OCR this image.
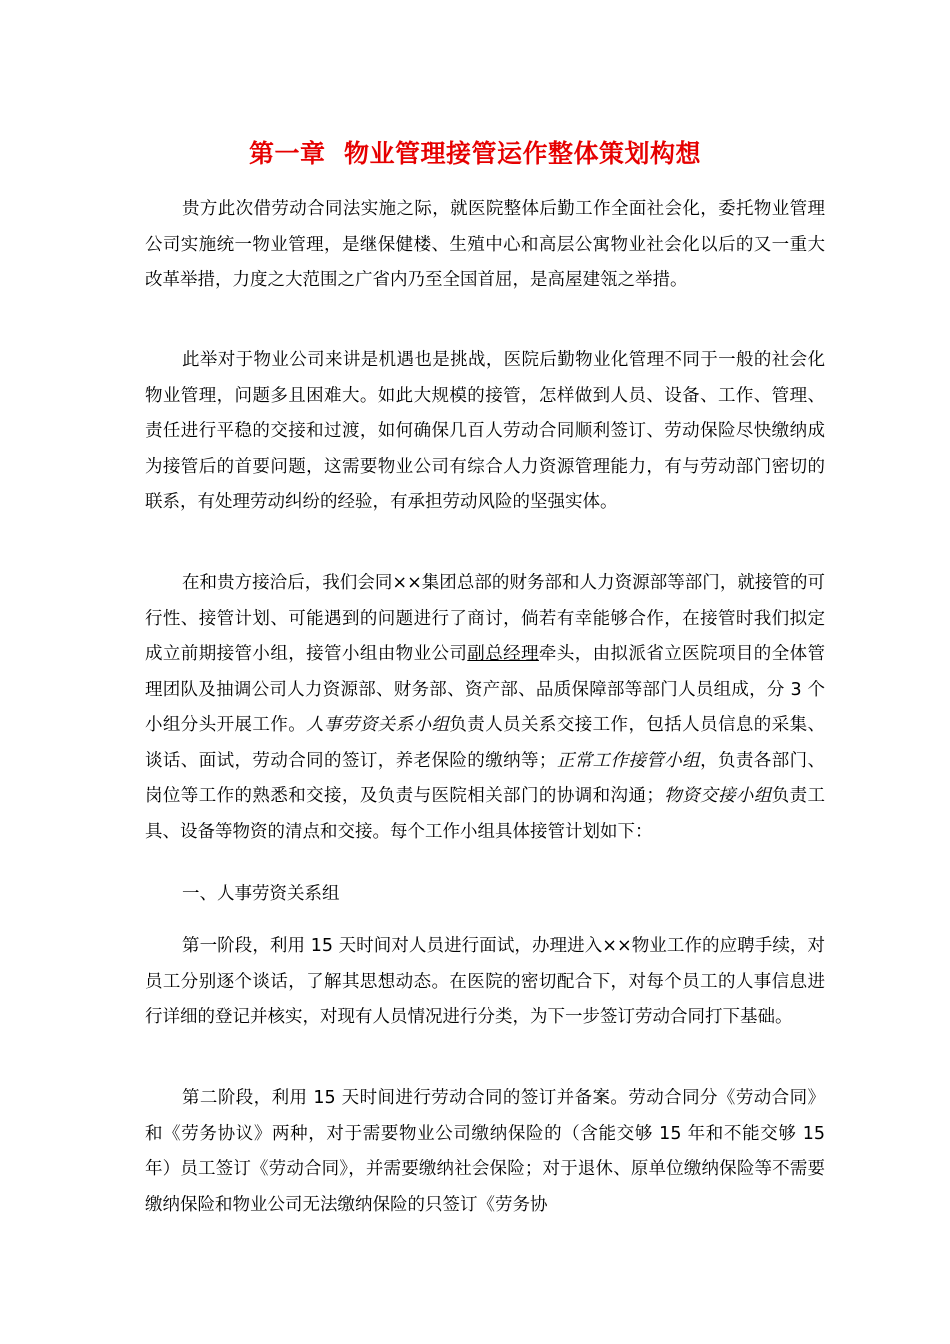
第一章  物业管理接管运作整体策划构想
贵方此次借劳动合同法实施之际，就医院整体后勤工作全面社会化，委托物业管理公司实施统一物业管理，是继保健楼、生殖中心和高层公寓物业社会化以后的又一重大改革举措，力度之大范围之广省内乃至全国首屈，是高屋建瓴之举措。
此举对于物业公司来讲是机遇也是挑战，医院后勤物业化管理不同于一般的社会化物业管理，问题多且困难大。如此大规模的接管，怎样做到人员、设备、工作、管理、责任进行平稳的交接和过渡，如何确保几百人劳动合同顺利签订、劳动保险尽快缴纳成为接管后的首要问题，这需要物业公司有综合人力资源管理能力，有与劳动部门密切的联系，有处理劳动纠纷的经验，有承担劳动风险的坚强实体。
在和贵方接洽后，我们会同××集团总部的财务部和人力资源部等部门，就接管的可行性、接管计划、可能遇到的问题进行了商讨，倘若有幸能够合作，在接管时我们拟定成立前期接管小组，接管小组由物业公司副总经理牵头，由拟派省立医院项目的全体管理团队及抽调公司人力资源部、财务部、资产部、品质保障部等部门人员组成，分 3 个小组分头开展工作。人事劳资关系小组负责人员关系交接工作，包括人员信息的采集、谈话、面试，劳动合同的签订，养老保险的缴纳等；正常工作接管小组，负责各部门、岗位等工作的熟悉和交接，及负责与医院相关部门的协调和沟通；物资交接小组负责工具、设备等物资的清点和交接。每个工作小组具体接管计划如下：
一、人事劳资关系组
第一阶段，利用 15 天时间对人员进行面试，办理进入××物业工作的应聘手续，对员工分别逐个谈话，了解其思想动态。在医院的密切配合下，对每个员工的人事信息进行详细的登记并核实，对现有人员情况进行分类，为下一步签订劳动合同打下基础。
第二阶段，利用 15 天时间进行劳动合同的签订并备案。劳动合同分《劳动合同》和《劳务协议》两种，对于需要物业公司缴纳保险的（含能交够 15 年和不能交够 15 年）员工签订《劳动合同》，并需要缴纳社会保险；对于退休、原单位缴纳保险等不需要缴纳保险和物业公司无法缴纳保险的只签订《劳务协
